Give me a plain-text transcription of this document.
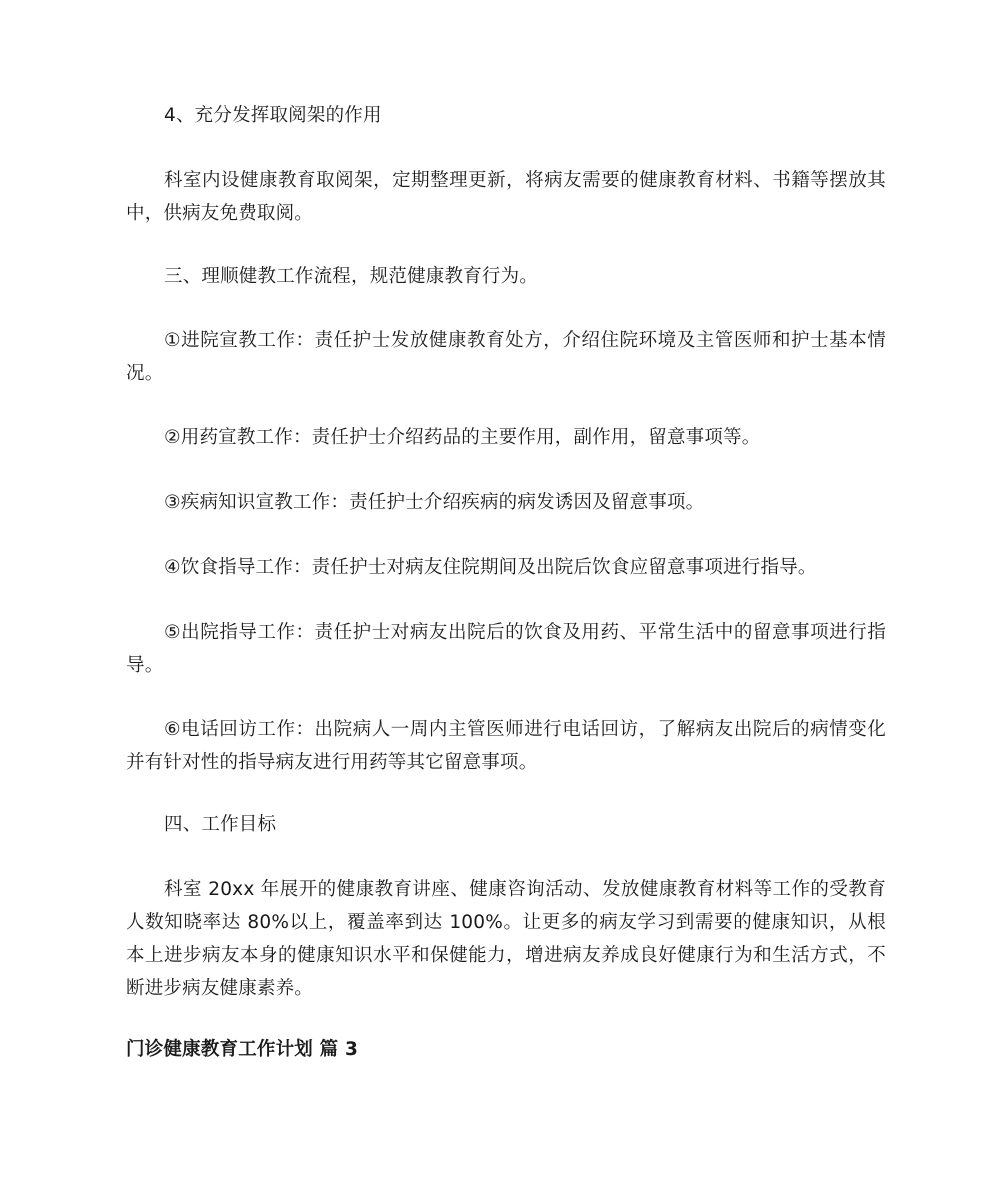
4、充分发挥取阅架的作用

科室内设健康教育取阅架，定期整理更新，将病友需要的健康教育材料、书籍等摆放其中，供病友免费取阅。

三、理顺健教工作流程，规范健康教育行为。

①进院宣教工作：责任护士发放健康教育处方，介绍住院环境及主管医师和护士基本情况。

②用药宣教工作：责任护士介绍药品的主要作用，副作用，留意事项等。

③疾病知识宣教工作：责任护士介绍疾病的病发诱因及留意事项。

④饮食指导工作：责任护士对病友住院期间及出院后饮食应留意事项进行指导。

⑤出院指导工作：责任护士对病友出院后的饮食及用药、平常生活中的留意事项进行指导。

⑥电话回访工作：出院病人一周内主管医师进行电话回访，了解病友出院后的病情变化并有针对性的指导病友进行用药等其它留意事项。

四、工作目标

科室 20xx 年展开的健康教育讲座、健康咨询活动、发放健康教育材料等工作的受教育人数知晓率达 80%以上，覆盖率到达 100%。让更多的病友学习到需要的健康知识，从根本上进步病友本身的健康知识水平和保健能力，增进病友养成良好健康行为和生活方式，不断进步病友健康素养。

门诊健康教育工作计划 篇 3
